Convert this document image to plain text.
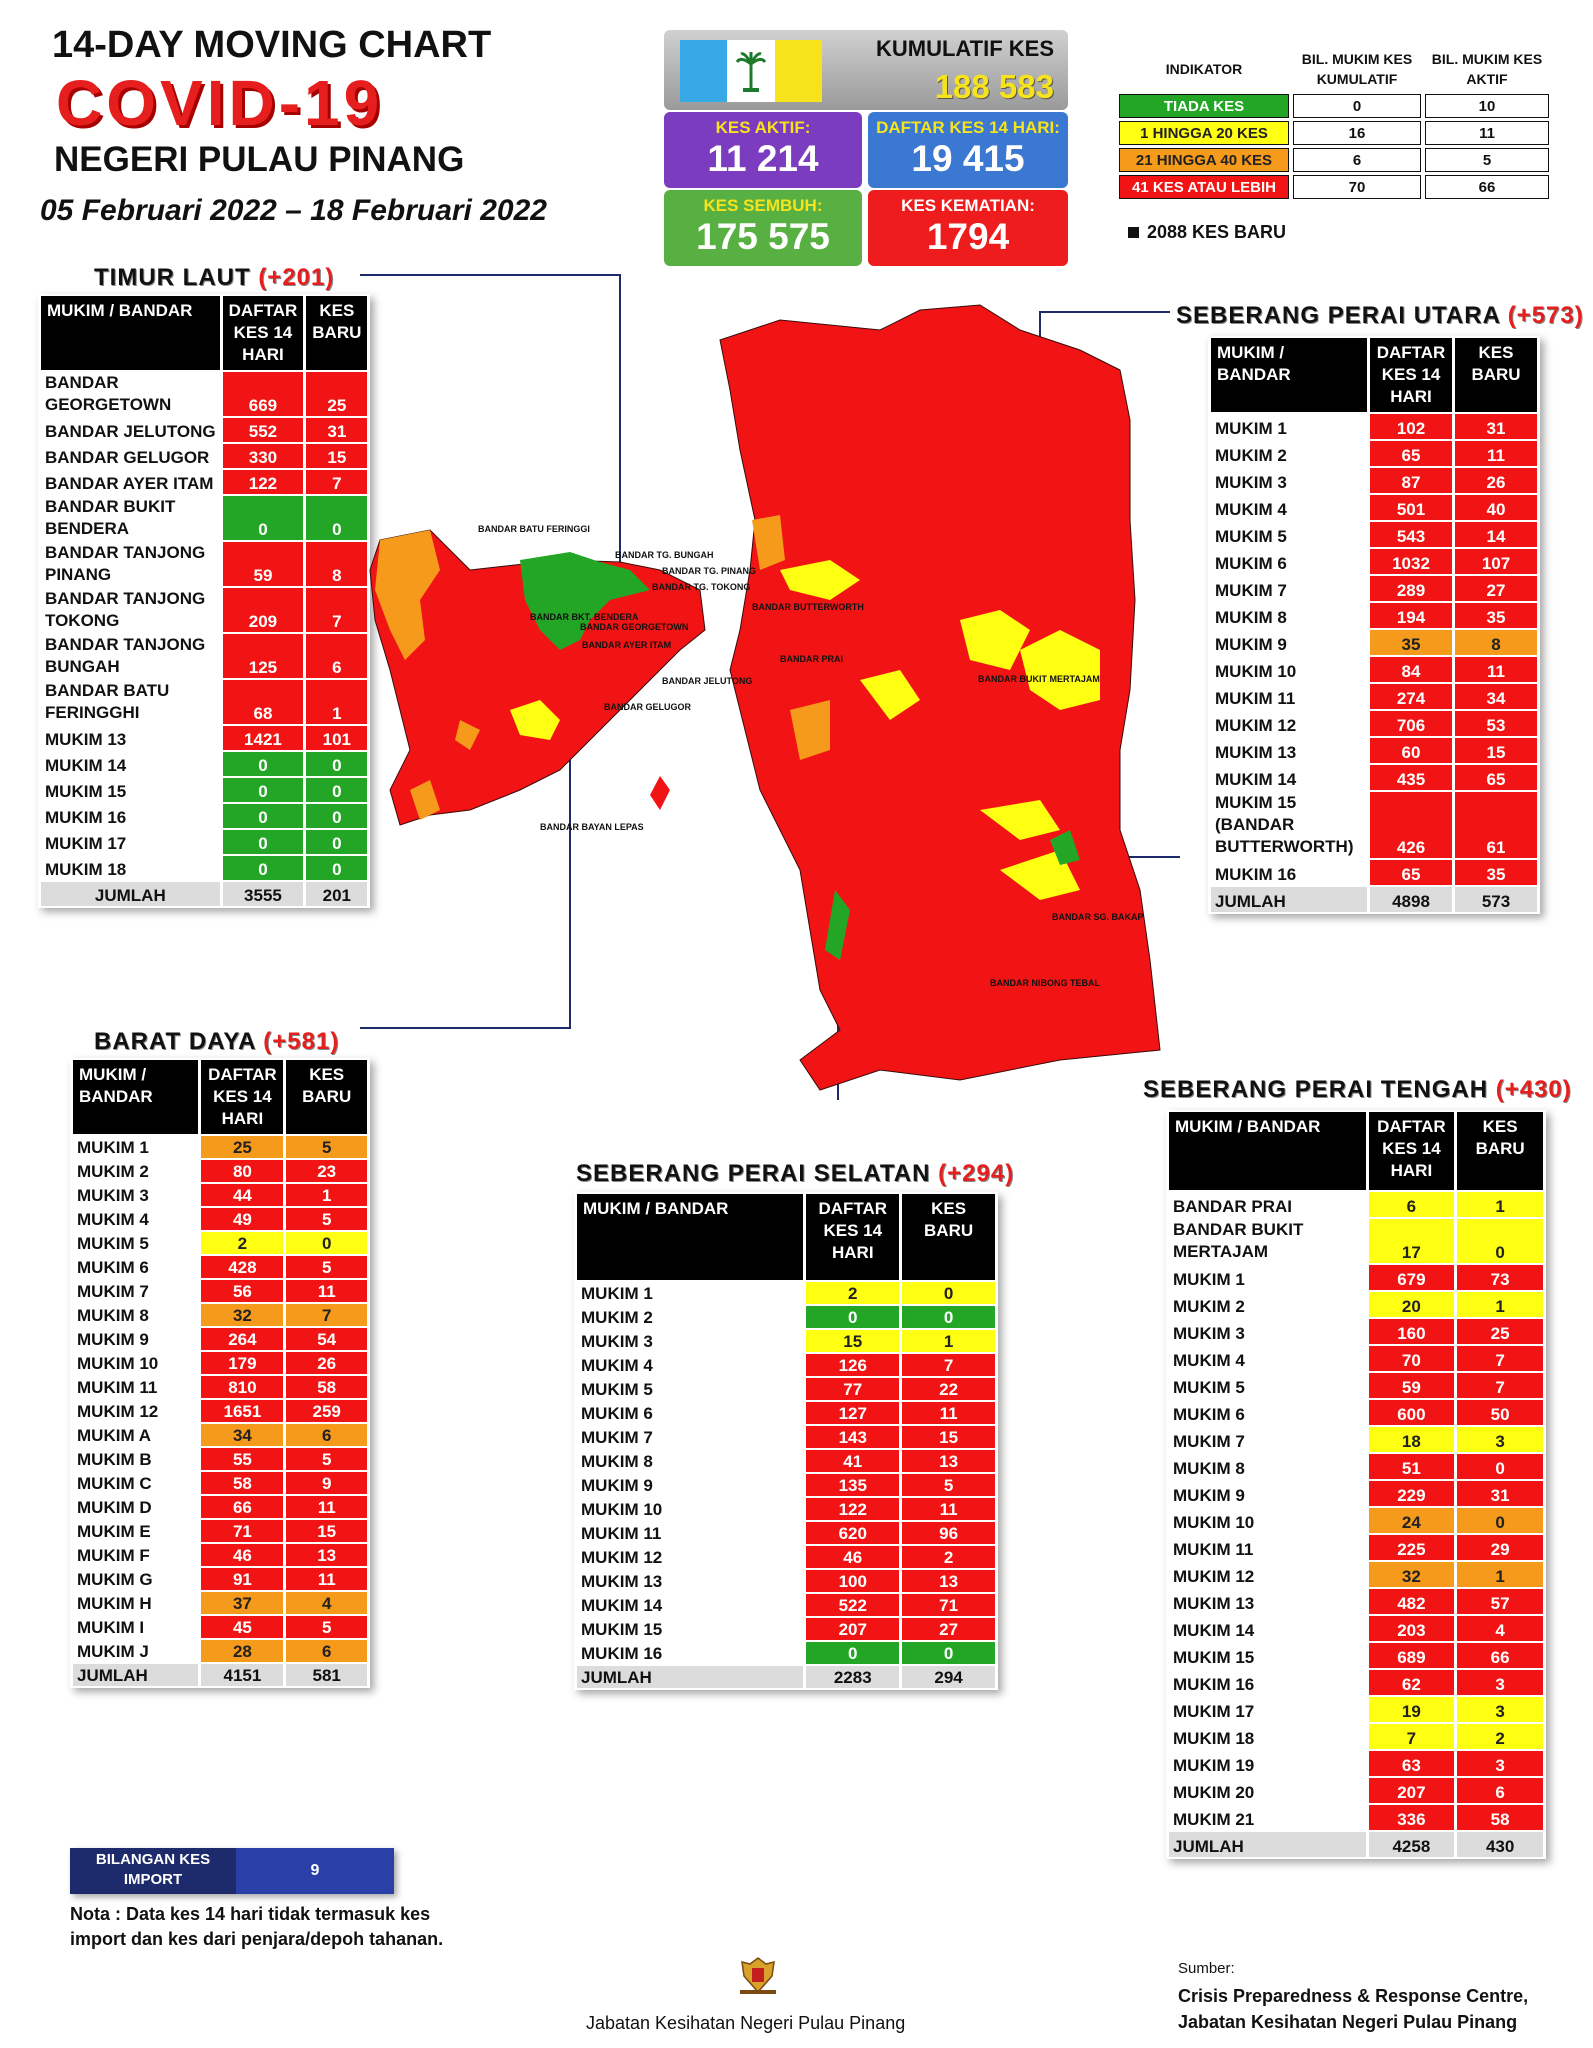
14-DAY MOVING CHART
COVID-19
NEGERI PULAU PINANG
05 Februari 2022 – 18 Februari 2022
KUMULATIF KES
188 583
KES AKTIF:
11 214
DAFTAR KES 14 HARI:
19 415
KES SEMBUH:
175 575
KES KEMATIAN:
1794
INDIKATOR	BIL. MUKIM KES KUMULATIF	BIL. MUKIM KES AKTIF
TIADA KES	0	10
1 HINGGA 20 KES	16	11
21 HINGGA 40 KES	6	5
41 KES ATAU LEBIH	70	66
2088 KES BARU
TIMUR LAUT (+201)
BARAT DAYA (+581)
SEBERANG PERAI UTARA (+573)
SEBERANG PERAI SELATAN (+294)
SEBERANG PERAI TENGAH (+430)
MUKIM / BANDAR	DAFTAR KES 14 HARI	KES BARU
BANDAR GEORGETOWN	669	25
BANDAR JELUTONG	552	31
BANDAR GELUGOR	330	15
BANDAR AYER ITAM	122	7
BANDAR BUKIT BENDERA	0	0
BANDAR TANJONG PINANG	59	8
BANDAR TANJONG TOKONG	209	7
BANDAR TANJONG BUNGAH	125	6
BANDAR BATU FERINGGHI	68	1
MUKIM 13	1421	101
MUKIM 14	0	0
MUKIM 15	0	0
MUKIM 16	0	0
MUKIM 17	0	0
MUKIM 18	0	0
JUMLAH	3555	201
MUKIM / BANDAR	DAFTAR KES 14 HARI	KES BARU
MUKIM 1	25	5
MUKIM 2	80	23
MUKIM 3	44	1
MUKIM 4	49	5
MUKIM 5	2	0
MUKIM 6	428	5
MUKIM 7	56	11
MUKIM 8	32	7
MUKIM 9	264	54
MUKIM 10	179	26
MUKIM 11	810	58
MUKIM 12	1651	259
MUKIM A	34	6
MUKIM B	55	5
MUKIM C	58	9
MUKIM D	66	11
MUKIM E	71	15
MUKIM F	46	13
MUKIM G	91	11
MUKIM H	37	4
MUKIM I	45	5
MUKIM J	28	6
JUMLAH	4151	581
MUKIM / BANDAR	DAFTAR KES 14 HARI	KES BARU
MUKIM 1	102	31
MUKIM 2	65	11
MUKIM 3	87	26
MUKIM 4	501	40
MUKIM 5	543	14
MUKIM 6	1032	107
MUKIM 7	289	27
MUKIM 8	194	35
MUKIM 9	35	8
MUKIM 10	84	11
MUKIM 11	274	34
MUKIM 12	706	53
MUKIM 13	60	15
MUKIM 14	435	65
MUKIM 15 (BANDAR BUTTERWORTH)	426	61
MUKIM 16	65	35
JUMLAH	4898	573
MUKIM / BANDAR	DAFTAR KES 14 HARI	KES BARU
MUKIM 1	2	0
MUKIM 2	0	0
MUKIM 3	15	1
MUKIM 4	126	7
MUKIM 5	77	22
MUKIM 6	127	11
MUKIM 7	143	15
MUKIM 8	41	13
MUKIM 9	135	5
MUKIM 10	122	11
MUKIM 11	620	96
MUKIM 12	46	2
MUKIM 13	100	13
MUKIM 14	522	71
MUKIM 15	207	27
MUKIM 16	0	0
JUMLAH	2283	294
MUKIM / BANDAR	DAFTAR KES 14 HARI	KES BARU
BANDAR PRAI	6	1
BANDAR BUKIT MERTAJAM	17	0
MUKIM 1	679	73
MUKIM 2	20	1
MUKIM 3	160	25
MUKIM 4	70	7
MUKIM 5	59	7
MUKIM 6	600	50
MUKIM 7	18	3
MUKIM 8	51	0
MUKIM 9	229	31
MUKIM 10	24	0
MUKIM 11	225	29
MUKIM 12	32	1
MUKIM 13	482	57
MUKIM 14	203	4
MUKIM 15	689	66
MUKIM 16	62	3
MUKIM 17	19	3
MUKIM 18	7	2
MUKIM 19	63	3
MUKIM 20	207	6
MUKIM 21	336	58
JUMLAH	4258	430
BANDAR BATU FERINGGI
BANDAR TG. BUNGAH
BANDAR TG. PINANG
BANDAR TG. TOKONG
BANDAR BKT. BENDERA
BANDAR GEORGETOWN
BANDAR AYER ITAM
BANDAR JELUTONG
BANDAR GELUGOR
BANDAR BAYAN LEPAS
BANDAR BUTTERWORTH
BANDAR PRAI
BANDAR BUKIT MERTAJAM
BANDAR SG. BAKAP
BANDAR NIBONG TEBAL
BILANGAN KES IMPORT
9
Nota : Data kes 14 hari tidak termasuk kes import dan kes dari penjara/depoh tahanan.
Jabatan Kesihatan Negeri Pulau Pinang
Sumber:
Crisis Preparedness & Response Centre,
Jabatan Kesihatan Negeri Pulau Pinang
